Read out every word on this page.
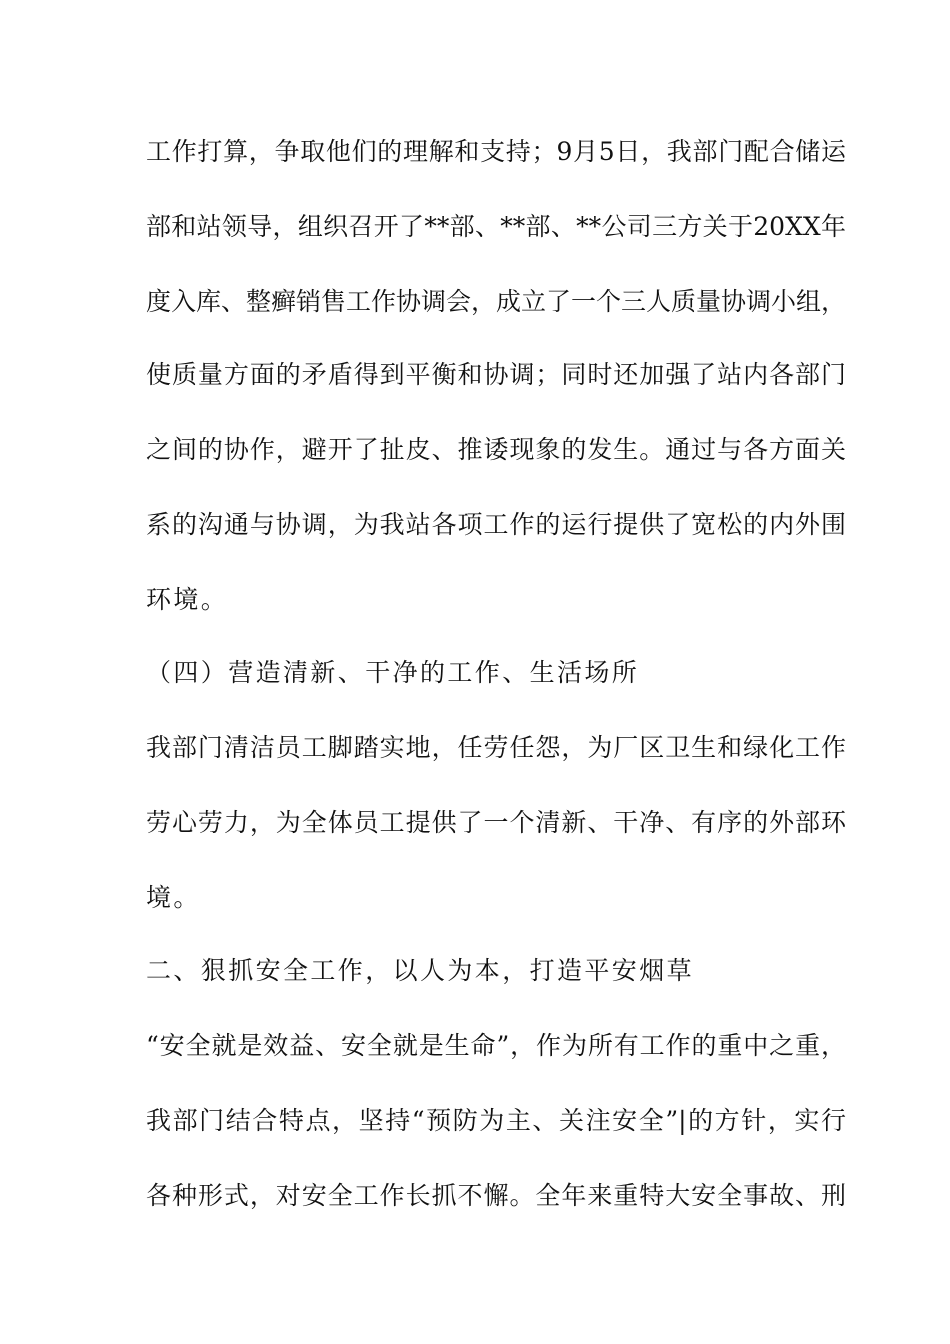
工作打算，争取他们的理解和支持；9月5日，我部门配合储运
部和站领导，组织召开了**部、**部、**公司三方关于20XX年
度入库、整癣销售工作协调会，成立了一个三人质量协调小组，
使质量方面的矛盾得到平衡和协调；同时还加强了站内各部门
之间的协作，避开了扯皮、推诿现象的发生。通过与各方面关
系的沟通与协调，为我站各项工作的运行提供了宽松的内外围
环境。
（四）营造清新、干净的工作、生活场所
我部门清洁员工脚踏实地，任劳任怨，为厂区卫生和绿化工作
劳心劳力，为全体员工提供了一个清新、干净、有序的外部环
境。
二、狠抓安全工作，以人为本，打造平安烟草
“安全就是效益、安全就是生命”，作为所有工作的重中之重，
我部门结合特点，坚持“预防为主、关注安全”|的方针，实行
各种形式，对安全工作长抓不懈。全年来重特大安全事故、刑
